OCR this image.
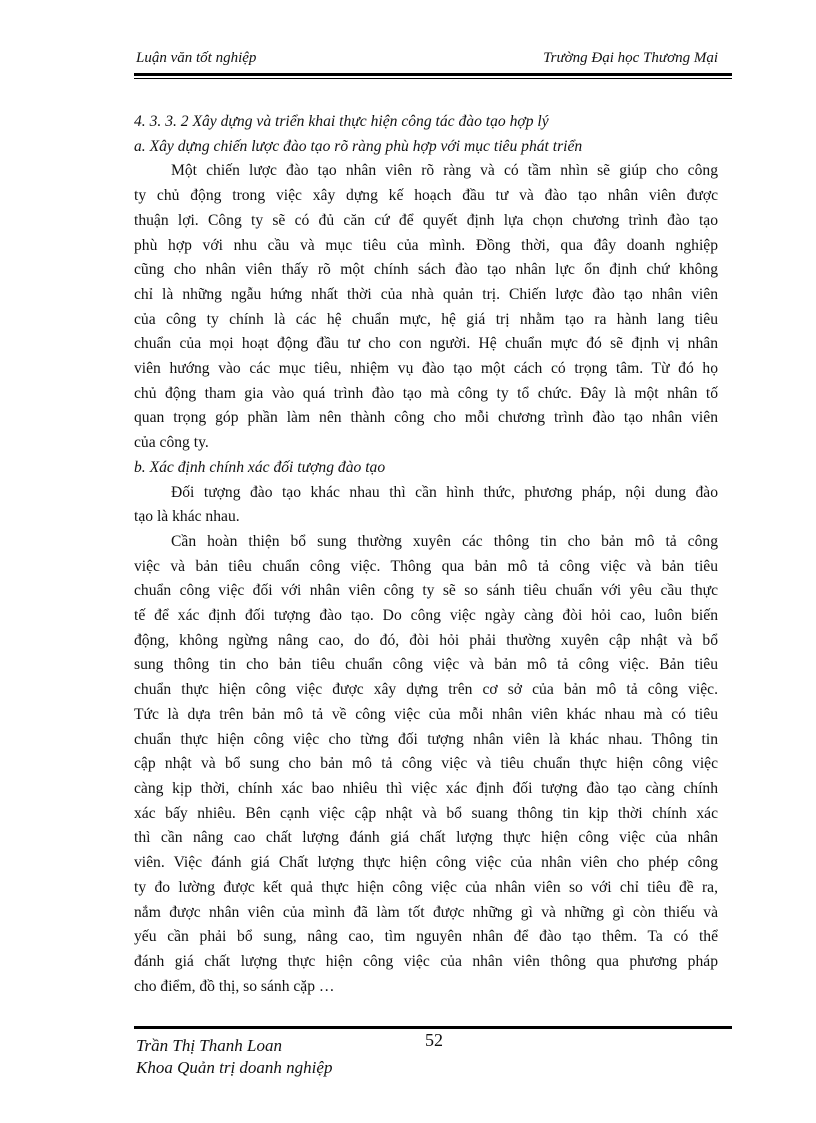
Luận văn tốt nghiệp	Trường Đại học Thương Mại
4. 3. 3. 2 Xây dựng và triển khai thực hiện công tác đào tạo hợp lý
a. Xây dựng chiến lược đào tạo rõ ràng phù hợp với mục tiêu phát triển
Một chiến lược đào tạo nhân viên rõ ràng và có tầm nhìn sẽ giúp cho công
ty chủ động trong việc xây dựng kế hoạch đầu tư và đào tạo nhân viên được
thuận lợi. Công ty sẽ có đủ căn cứ để quyết định lựa chọn chương trình đào tạo
phù hợp với nhu cầu và mục tiêu của mình. Đồng thời, qua đây doanh nghiệp
cũng cho nhân viên thấy rõ một chính sách đào tạo nhân lực ổn định chứ không
chỉ là những ngẫu hứng nhất thời của nhà quản trị. Chiến lược đào tạo nhân viên
của công ty chính là các hệ chuẩn mực, hệ giá trị nhằm tạo ra hành lang tiêu
chuẩn của mọi hoạt động đầu tư cho con người. Hệ chuẩn mực đó sẽ định vị nhân
viên hướng vào các mục tiêu, nhiệm vụ đào tạo một cách có trọng tâm. Từ đó họ
chủ động tham gia vào quá trình đào tạo mà công ty tổ chức. Đây là một nhân tố
quan trọng góp phần làm nên thành công cho mỗi chương trình đào tạo nhân viên
của công ty.
b. Xác định chính xác đối tượng đào tạo
Đối tượng đào tạo khác nhau thì cần hình thức, phương pháp, nội dung đào
tạo là khác nhau.
Cần hoàn thiện bổ sung thường xuyên các thông tin cho bản mô tả công
việc và bản tiêu chuẩn công việc. Thông qua bản mô tả công việc và bản tiêu
chuẩn công việc đối với nhân viên công ty sẽ so sánh tiêu chuẩn với yêu cầu thực
tế để xác định đối tượng đào tạo. Do công việc ngày càng đòi hỏi cao, luôn biến
động, không ngừng nâng cao, do đó, đòi hỏi phải thường xuyên cập nhật và bổ
sung thông tin cho bản tiêu chuẩn công việc và bản mô tả công việc. Bản tiêu
chuẩn thực hiện công việc được xây dựng trên cơ sở của bản mô tả công việc.
Tức là dựa trên bản mô tả về công việc của mỗi nhân viên khác nhau mà có tiêu
chuẩn thực hiện công việc cho từng đối tượng nhân viên là khác nhau. Thông tin
cập nhật và bổ sung cho bản mô tả công việc và tiêu chuẩn thực hiện công việc
càng kịp thời, chính xác bao nhiêu thì việc xác định đối tượng đào tạo càng chính
xác bấy nhiêu. Bên cạnh việc cập nhật và bổ suang thông tin kịp thời chính xác
thì cần nâng cao chất lượng đánh giá chất lượng thực hiện công việc của nhân
viên. Việc đánh giá Chất lượng thực hiện công việc của nhân viên cho phép công
ty đo lường được kết quả thực hiện công việc của nhân viên so với chỉ tiêu đề ra,
nắm được nhân viên của mình đã làm tốt được những gì và những gì còn thiếu và
yếu cần phải bổ sung, nâng cao, tìm nguyên nhân để đào tạo thêm. Ta có thể
đánh giá chất lượng thực hiện công việc của nhân viên thông qua phương pháp
cho điểm, đồ thị, so sánh cặp …
Trần Thị Thanh Loan	52
Khoa Quản trị doanh nghiệp
